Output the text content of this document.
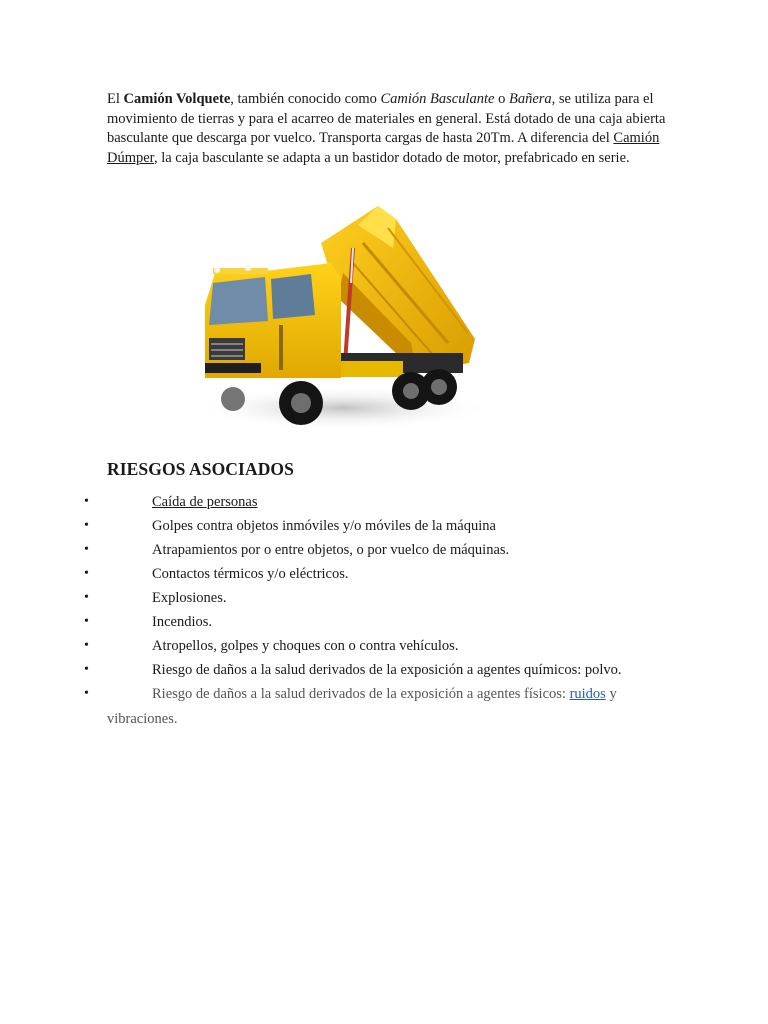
El Camión Volquete, también conocido como Camión Basculante o Bañera, se utiliza para el movimiento de tierras y para el acarreo de materiales en general. Está dotado de una caja abierta basculante que descarga por vuelco. Transporta cargas de hasta 20Tm. A diferencia del Camión Dúmper, la caja basculante se adapta a un bastidor dotado de motor, prefabricado en serie.

RIESGOS ASOCIADOS
•	Caída de personas
•	Golpes contra objetos inmóviles y/o móviles de la máquina
•	Atrapamientos por o entre objetos, o por vuelco de máquinas.
•	Contactos térmicos y/o eléctricos.
•	Explosiones.
•	Incendios.
•	Atropellos, golpes y choques con o contra vehículos.
•	Riesgo de daños a la salud derivados de la exposición a agentes químicos: polvo.
•	Riesgo de daños a la salud derivados de la exposición a agentes físicos: ruidos y
vibraciones.
